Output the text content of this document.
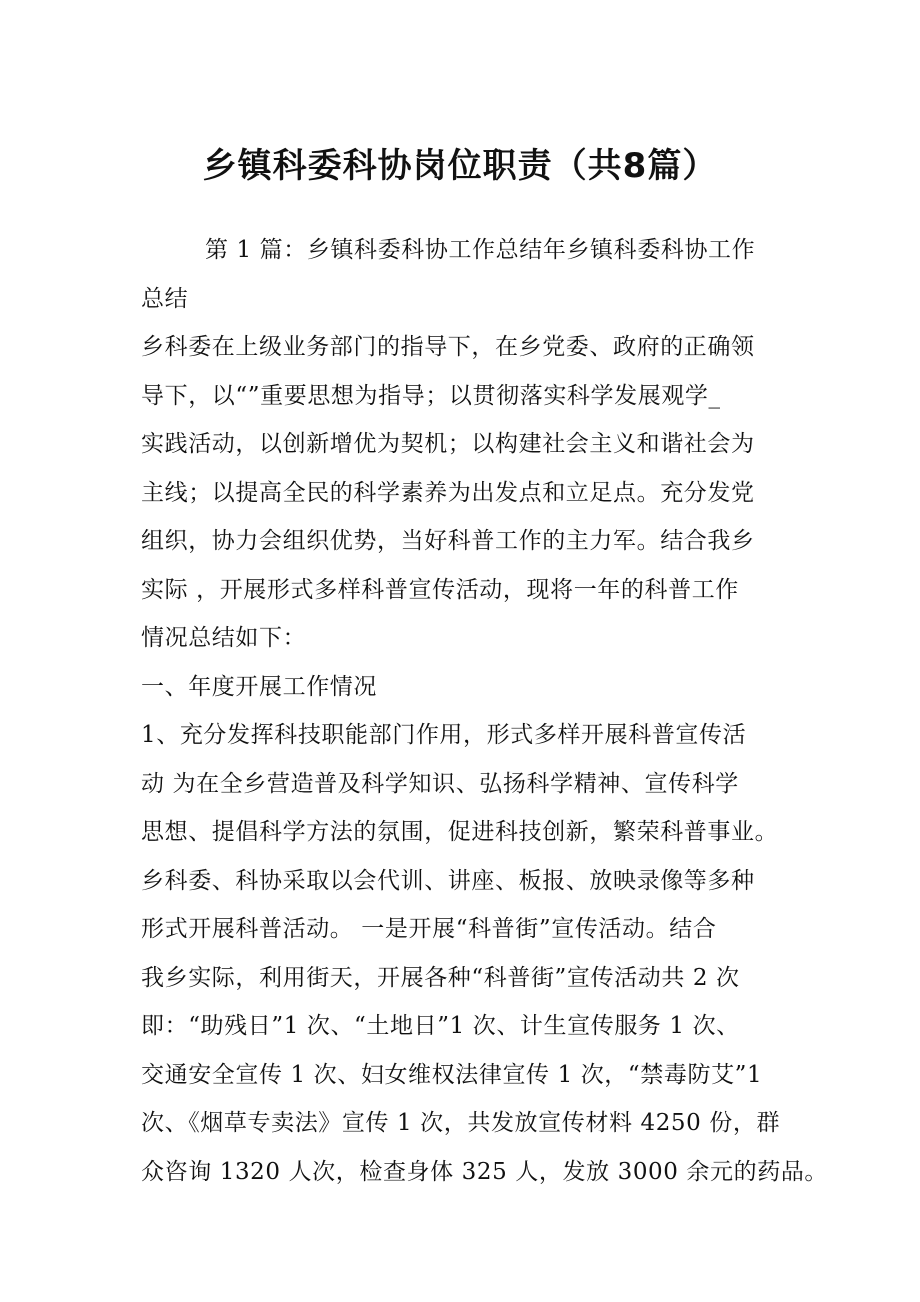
乡镇科委科协岗位职责（共8篇）

第 1 篇：乡镇科委科协工作总结年乡镇科委科协工作

总结

乡科委在上级业务部门的指导下，在乡党委、政府的正确领

导下，以“”重要思想为指导；以贯彻落实科学发展观学_

实践活动，以创新增优为契机；以构建社会主义和谐社会为

主线；以提高全民的科学素养为出发点和立足点。充分发党

组织，协力会组织优势，当好科普工作的主力军。结合我乡

实际 ，开展形式多样科普宣传活动，现将一年的科普工作

情况总结如下：

一、年度开展工作情况

1、充分发挥科技职能部门作用，形式多样开展科普宣传活

动 为在全乡营造普及科学知识、弘扬科学精神、宣传科学

思想、提倡科学方法的氛围，促进科技创新，繁荣科普事业。

乡科委、科协采取以会代训、讲座、板报、放映录像等多种

形式开展科普活动。 一是开展“科普街”宣传活动。结合

我乡实际，利用街天，开展各种“科普街”宣传活动共 2 次

即：“助残日”1 次、“土地日”1 次、计生宣传服务 1 次、

交通安全宣传 1 次、妇女维权法律宣传 1 次，“禁毒防艾”1

次、《烟草专卖法》宣传 1 次，共发放宣传材料 4250 份，群

众咨询 1320 人次，检查身体 325 人，发放 3000 余元的药品。
